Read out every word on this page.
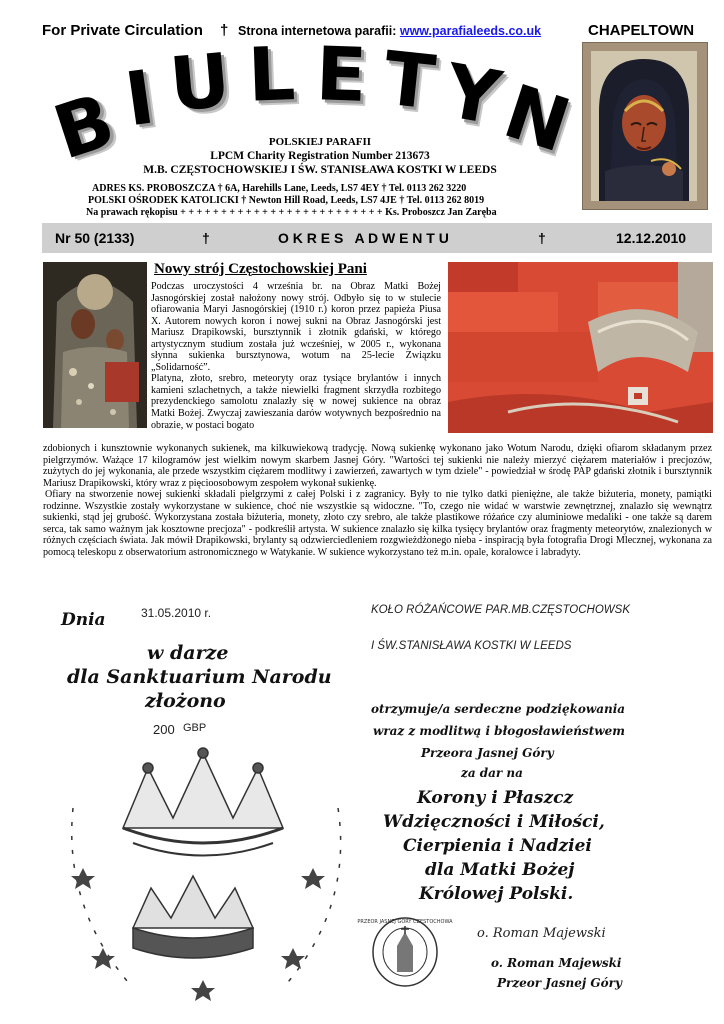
For Private Circulation † Strona internetowa parafii: www.parafialeeds.co.uk	CHAPELTOWN
B
I U L E T Y
N
POLSKIEJ PARAFII
LPCM Charity Registration Number 213673
M.B. CZĘSTOCHOWSKIEJ I ŚW. STANISŁAWA KOSTKI W LEEDS
ADRES KS. PROBOSZCZA † 6A, Harehills Lane, Leeds, LS7 4EY † Tel. 0113 262 3220
POLSKI OŚRODEK KATOLICKI † Newton Hill Road, Leeds, LS7 4JE † Tel. 0113 262 8019
Na prawach rękopisu + + + + + + + + + + + + + + + + + + + + + + + + + Ks. Proboszcz Jan Zaręba
Nr 50 (2133)	†	O K R E S   A D W E N T U	†	12.12.2010
Nowy strój Częstochowskiej Pani

Podczas uroczystości 4 września br. na Obraz Matki Bożej Jasnogórskiej został nałożony nowy strój. Odbyło się to w stulecie ofiarowania Maryi Jasnogórskiej (1910 r.) koron przez papieża Piusa X. Autorem nowych koron i nowej sukni na Obraz Jasnogórski jest Mariusz Drapikowski, bursztynnik i złotnik gdański, w którego artystycznym studium została już wcześniej, w 2005 r., wykonana słynna sukienka bursztynowa, wotum na 25-lecie Związku „Solidarność”.

Platyna, złoto, srebro, meteoryty oraz tysiące brylantów i innych kamieni szlachetnych, a także niewielki fragment skrzydła rozbitego prezydenckiego samolotu znalazły się w nowej sukience na obraz Matki Bożej. Zwyczaj zawieszania darów wotywnych bezpośrednio na obrazie, w postaci bogato

zdobionych i kunsztownie wykonanych sukienek, ma kilkuwiekową tradycję. Nową sukienkę wykonano jako Wotum Narodu, dzięki ofiarom składanym przez pielgrzymów. Ważące 17 kilogramów jest wielkim nowym skarbem Jasnej Góry. "Wartości tej sukienki nie należy mierzyć ciężarem materiałów i precjozów, zużytych do jej wykonania, ale przede wszystkim ciężarem modlitwy i zawierzeń, zawartych w tym dziele" - powiedział w środę PAP gdański złotnik i bursztynnik Mariusz Drapikowski, który wraz z pięcioosobowym zespołem wykonał sukienkę.

Ofiary na stworzenie nowej sukienki składali pielgrzymi z całej Polski i z zagranicy. Były to nie tylko datki pieniężne, ale także biżuteria, monety, pamiątki rodzinne. Wszystkie zostały wykorzystane w sukience, choć nie wszystkie są widoczne. "To, czego nie widać w warstwie zewnętrznej, znalazło się wewnątrz sukienki, stąd jej grubość. Wykorzystana została biżuteria, monety, złoto czy srebro, ale także plastikowe różańce czy aluminiowe medaliki - one także są darem serca, tak samo ważnym jak kosztowne precjoza" - podkreślił artysta. W sukience znalazło się kilka tysięcy brylantów oraz fragmenty meteorytów, znalezionych w różnych częściach świata. Jak mówił Drapikowski, brylanty są odzwierciedleniem rozgwieżdżonego nieba - inspiracją była fotografia Drogi Mlecznej, wykonana za pomocą teleskopu z obserwatorium astronomicznego w Watykanie. W sukience wykorzystano też m.in. opale, koralowce i labradyty.

Dnia	31.05.2010 r.
w darze
dla Sanktuarium Narodu
złożono
200 GBP
KOŁO RÓŻAŃCOWE PAR.MB.CZĘSTOCHOWSK
I ŚW.STANISŁAWA KOSTKI W LEEDS
otrzymuje/a serdeczne podziękowania
wraz z modlitwą i błogosławieństwem
Przeora Jasnej Góry
za dar na
Korony i Płaszcz
Wdzięczności i Miłości,
Cierpienia i Nadziei
dla Matki Bożej
Królowej Polski.
PRZEOR JASNEJ GÓRY CZĘSTOCHOWA
o. Roman Majewski
o. Roman Majewski
Przeor Jasnej Góry
